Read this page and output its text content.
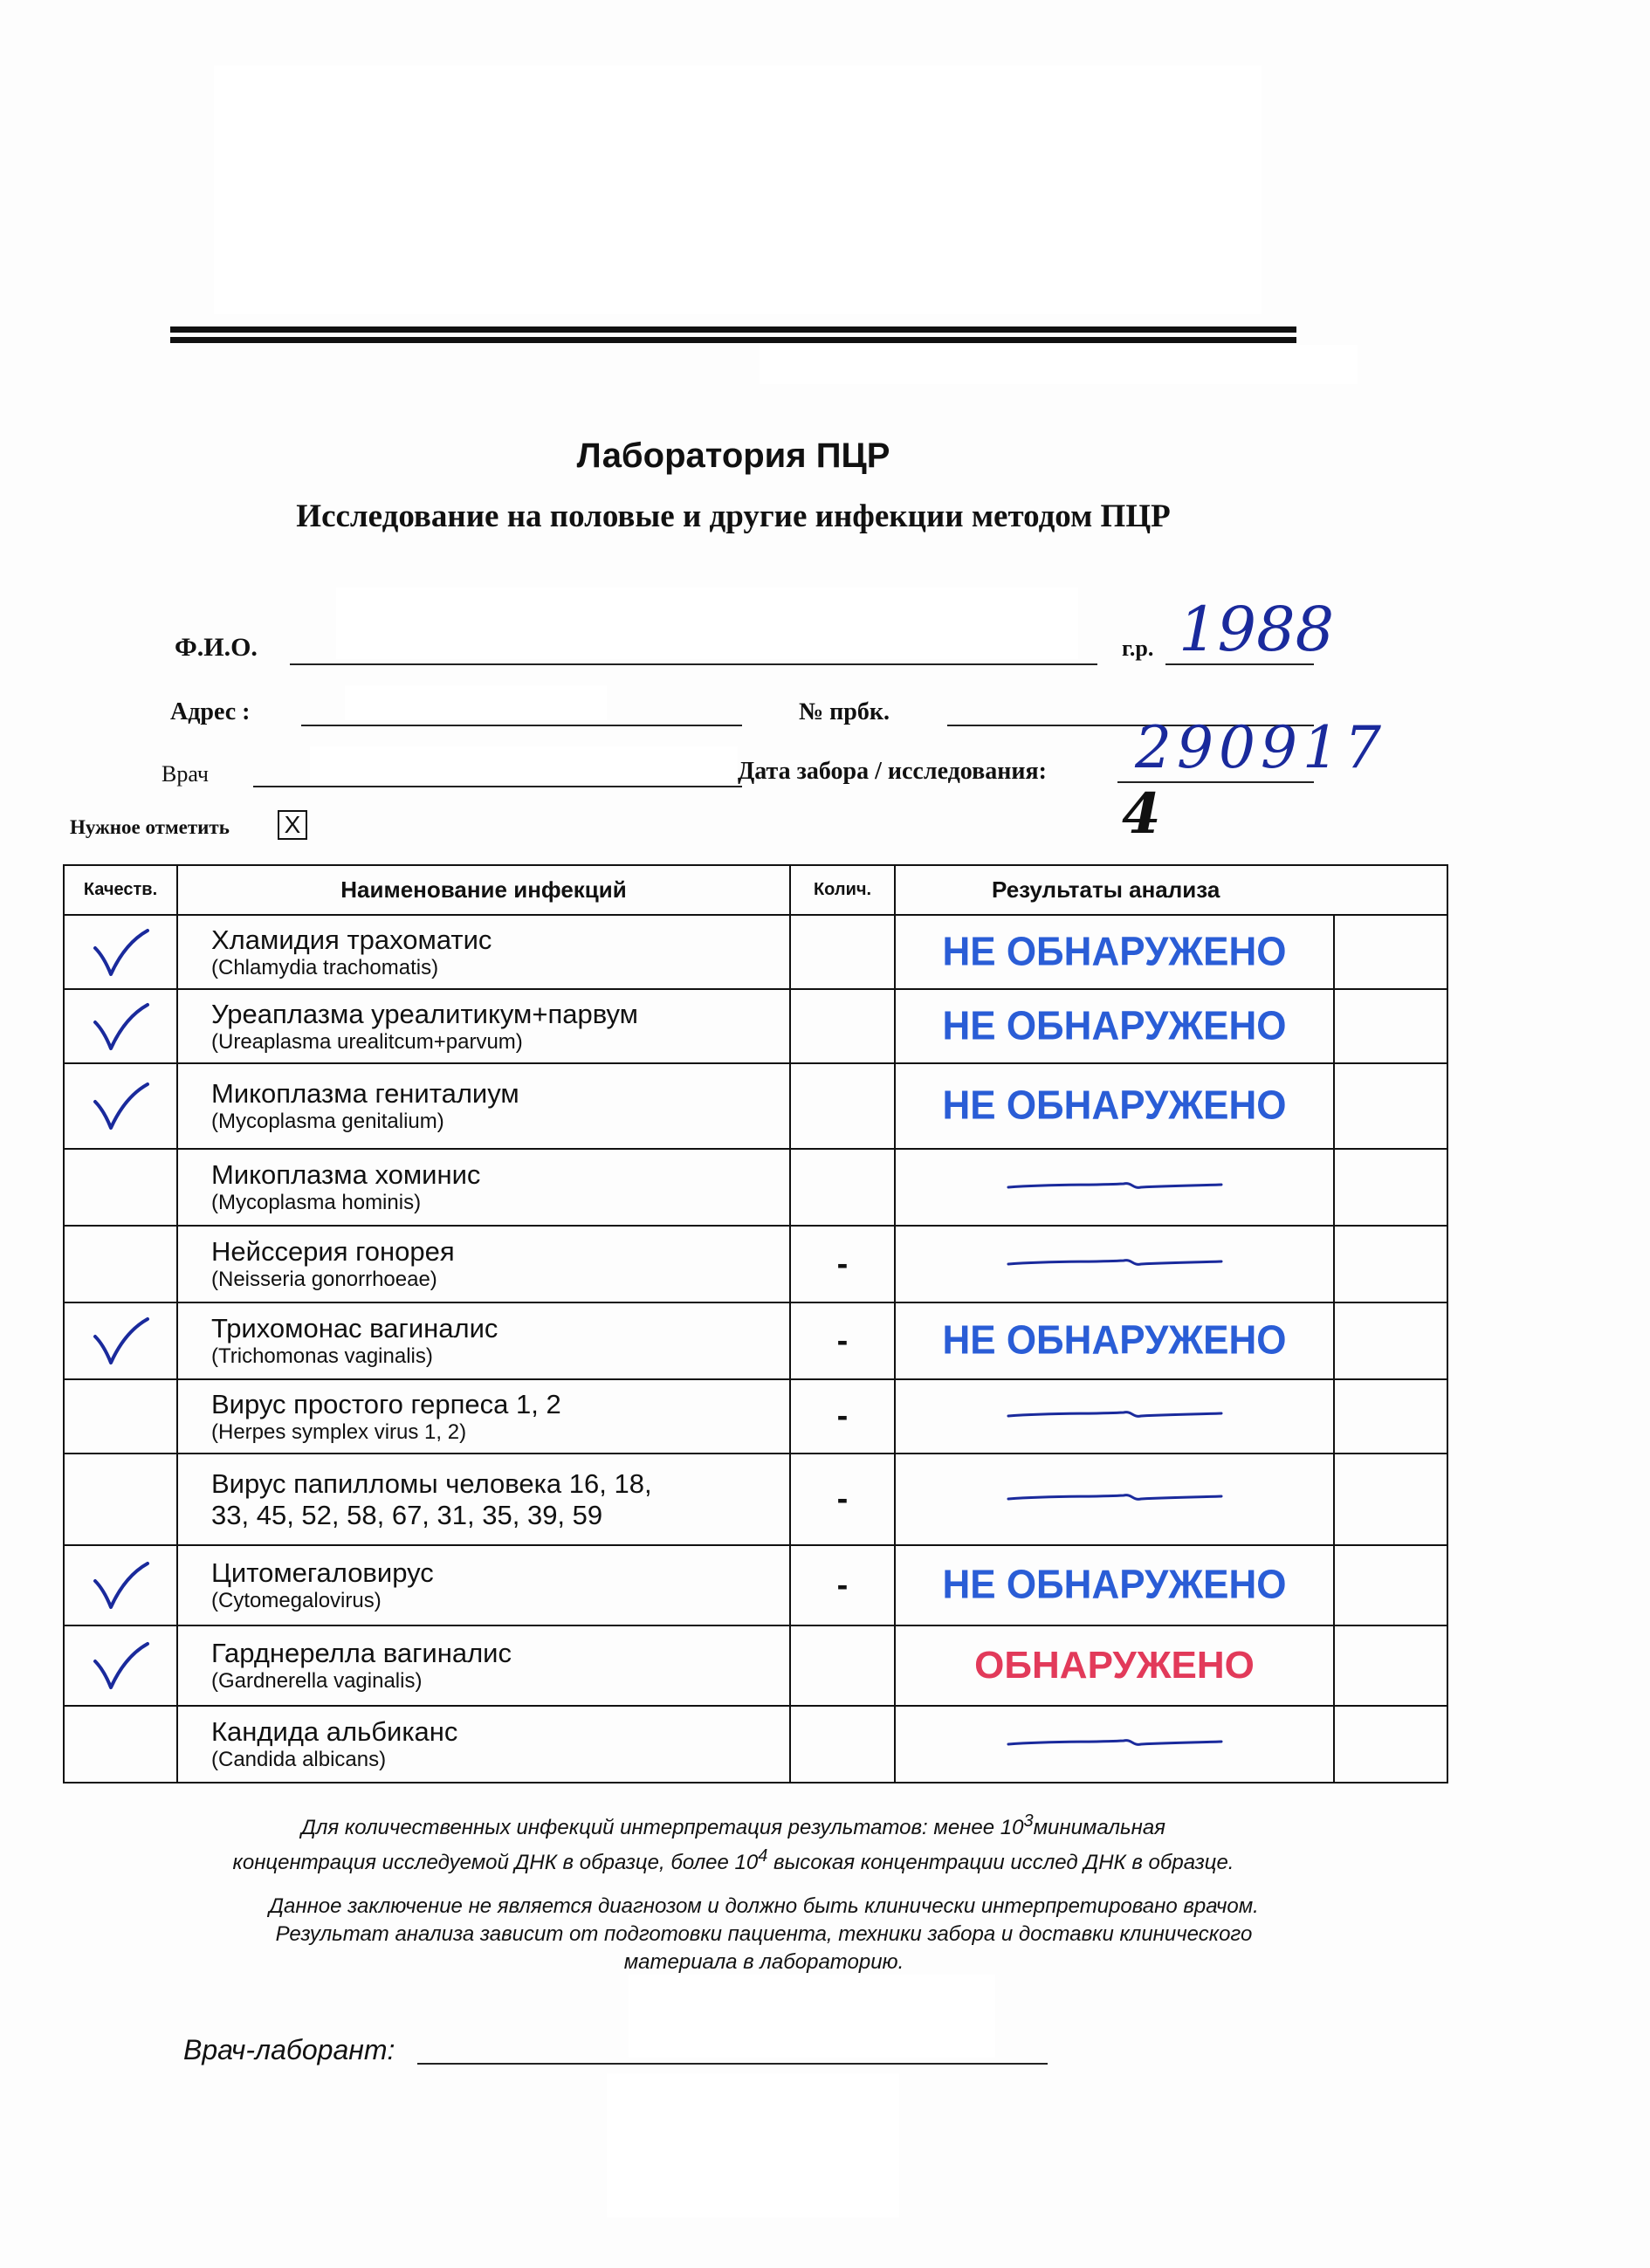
Лаборатория ПЦР
Исследование на половые и другие инфекции методом ПЦР
Ф.И.О.	г.р. 1988
Адрес :	№ прбк.
Врач	Дата забора / исследования: 290917
4
Нужное отметить X
Качеств.	Наименование инфекций	Колич.	Результаты анализа	

Хламидия трахоматис
(Chlamydia trachomatis)		НЕ ОБНАРУЖЕНО	

Уреаплазма уреалитикум+парвум
(Ureaplasma urealitcum+parvum)		НЕ ОБНАРУЖЕНО	

Микоплазма гениталиум
(Mycoplasma genitalium)		НЕ ОБНАРУЖЕНО	

	Микоплазма хоминис
(Mycoplasma hominis)

	Нейссерия гонорея
(Neisseria gonorrhoeae)	-		

Трихомонас вагиналис
(Trichomonas vaginalis)	-	НЕ ОБНАРУЖЕНО	

	Вирус простого герпеса 1, 2
(Herpes symplex virus 1, 2)	-		

	Вирус папилломы человека 16, 18,
33, 45, 52, 58, 67, 31, 35, 39, 59	-		

Цитомегаловирус
(Cytomegalovirus)	-	НЕ ОБНАРУЖЕНО	

Гарднерелла вагиналис
(Gardnerella vaginalis)		ОБНАРУЖЕНО	

	Кандида альбиканс
(Candida albicans)

Для количественных инфекций интерпретация результатов: менее $10^3минимальная$
концентрация исследуемой ДНК в образце, более $10^4$ высокая концентрации исслед ДНК в образце.
Данное заключение не является диагнозом и должно быть клинически интерпретировано врачом.
Результат анализа зависит от подготовки пациента, техники забора и доставки клинического
материала в лабораторию.
Врач-лаборант:
